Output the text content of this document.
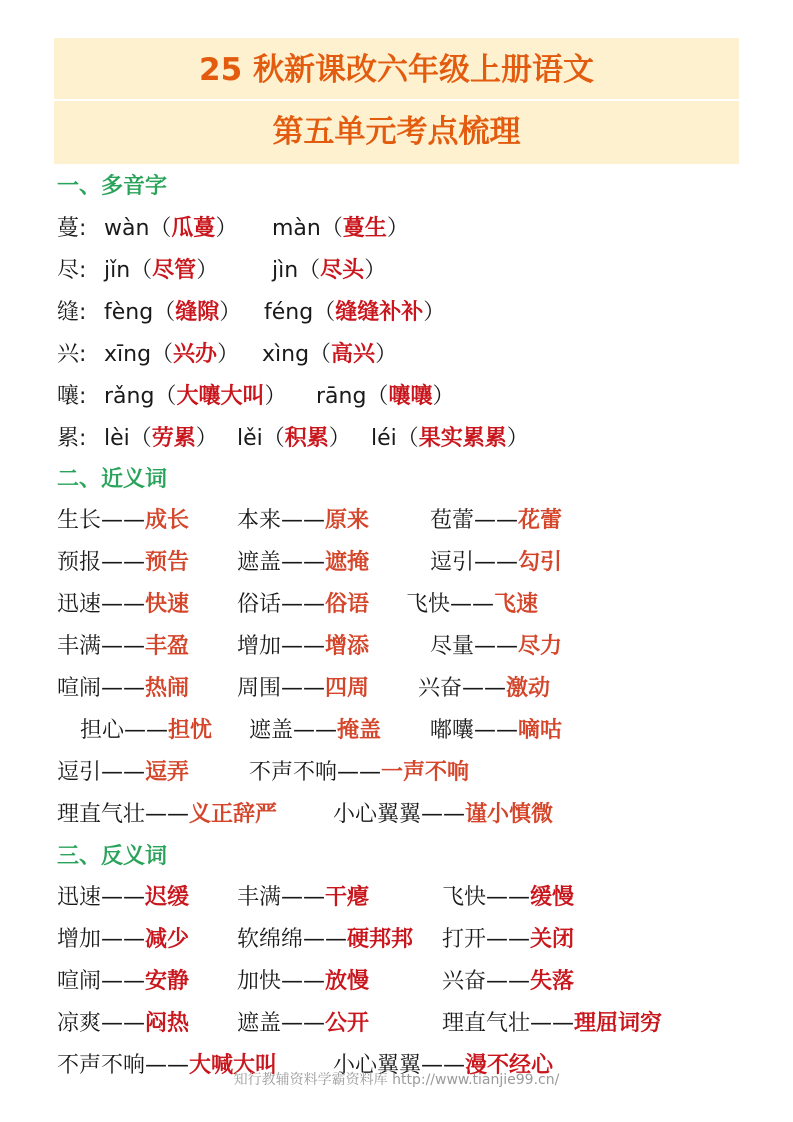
25 秋新课改六年级上册语文
第五单元考点梳理
一、多音字
蔓: wàn（瓜蔓） màn（蔓生）
尽: jǐn（尽管） jìn（尽头）
缝: fèng（缝隙） féng（缝缝补补）
兴: xīng（兴办） xìng（高兴）
嚷: rǎng（大嚷大叫） rāng（嚷嚷）
累: lèi（劳累） lěi（积累） léi（果实累累）
二、近义词
生长——成长 本来——原来	苞蕾——花蕾
预报——预告 遮盖——遮掩	逗引——勾引
迅速——快速 俗话——俗语 飞快——飞速
丰满——丰盈 增加——增添	尽量——尽力
喧闹——热闹 周围——四周 兴奋——激动
担心——担忧 遮盖——掩盖 嘟囔——嘀咕
逗引——逗弄	不声不响——一声不响
理直气壮——义正辞严	小心翼翼——谨小慎微
三、反义词
迅速——迟缓 丰满——干瘪	飞快——缓慢
增加——减少 软绵绵——硬邦邦 打开——关闭
喧闹——安静 加快——放慢	兴奋——失落
凉爽——闷热 遮盖——公开	理直气壮——理屈词穷
不声不响——大喊大叫	小心翼翼——漫不经心
知行教辅资料学霸资料库 http://www.tianjie99.cn/
